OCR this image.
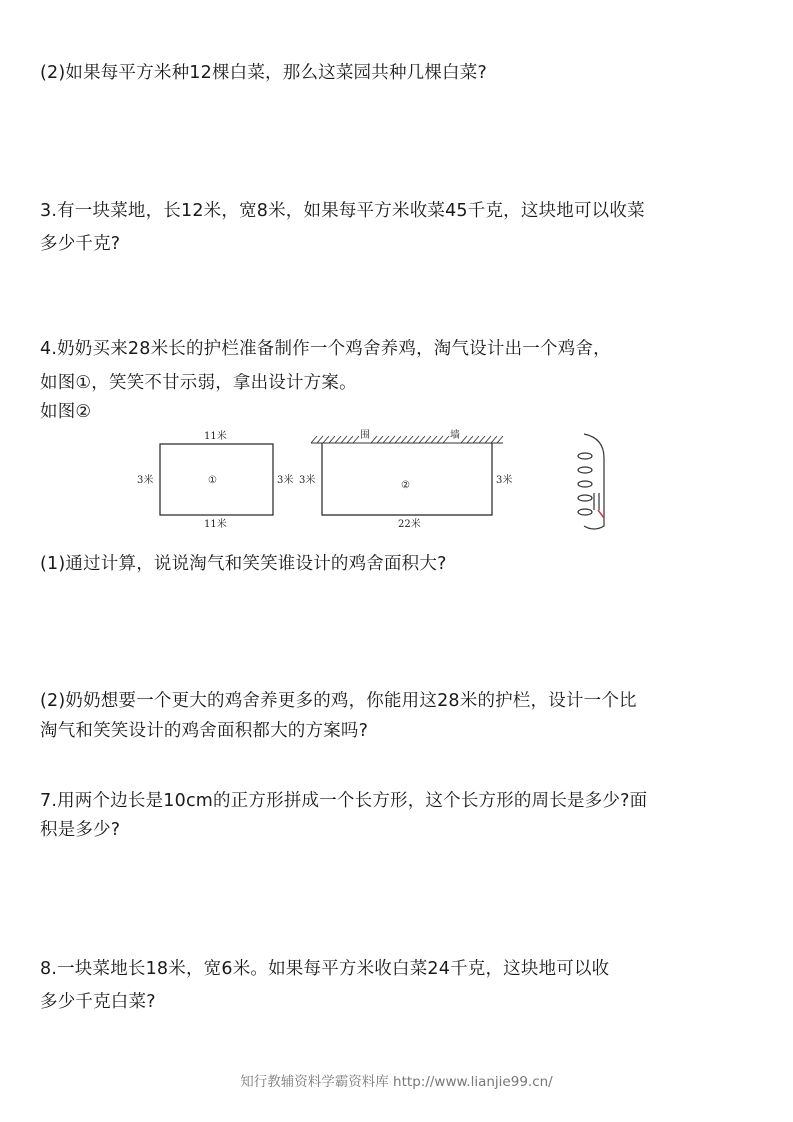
(2)如果每平方米种12棵白菜，那么这菜园共种几棵白菜?
3.有一块菜地，长12米，宽8米，如果每平方米收菜45千克，这块地可以收菜
多少千克?
4.奶奶买来28米长的护栏准备制作一个鸡舍养鸡，淘气设计出一个鸡舍，
如图①，笑笑不甘示弱，拿出设计方案。
如图②
11米
11米
3米	3米
①
围	墙
22米
3米	3米
②
(1)通过计算，说说淘气和笑笑谁设计的鸡舍面积大?
(2)奶奶想要一个更大的鸡舍养更多的鸡，你能用这28米的护栏，设计一个比
淘气和笑笑设计的鸡舍面积都大的方案吗?
7.用两个边长是10cm的正方形拼成一个长方形，这个长方形的周长是多少?面
积是多少?
8.一块菜地长18米，宽6米。如果每平方米收白菜24千克，这块地可以收
多少千克白菜?
知行教辅资料学霸资料库 http://www.lianjie99.cn/
